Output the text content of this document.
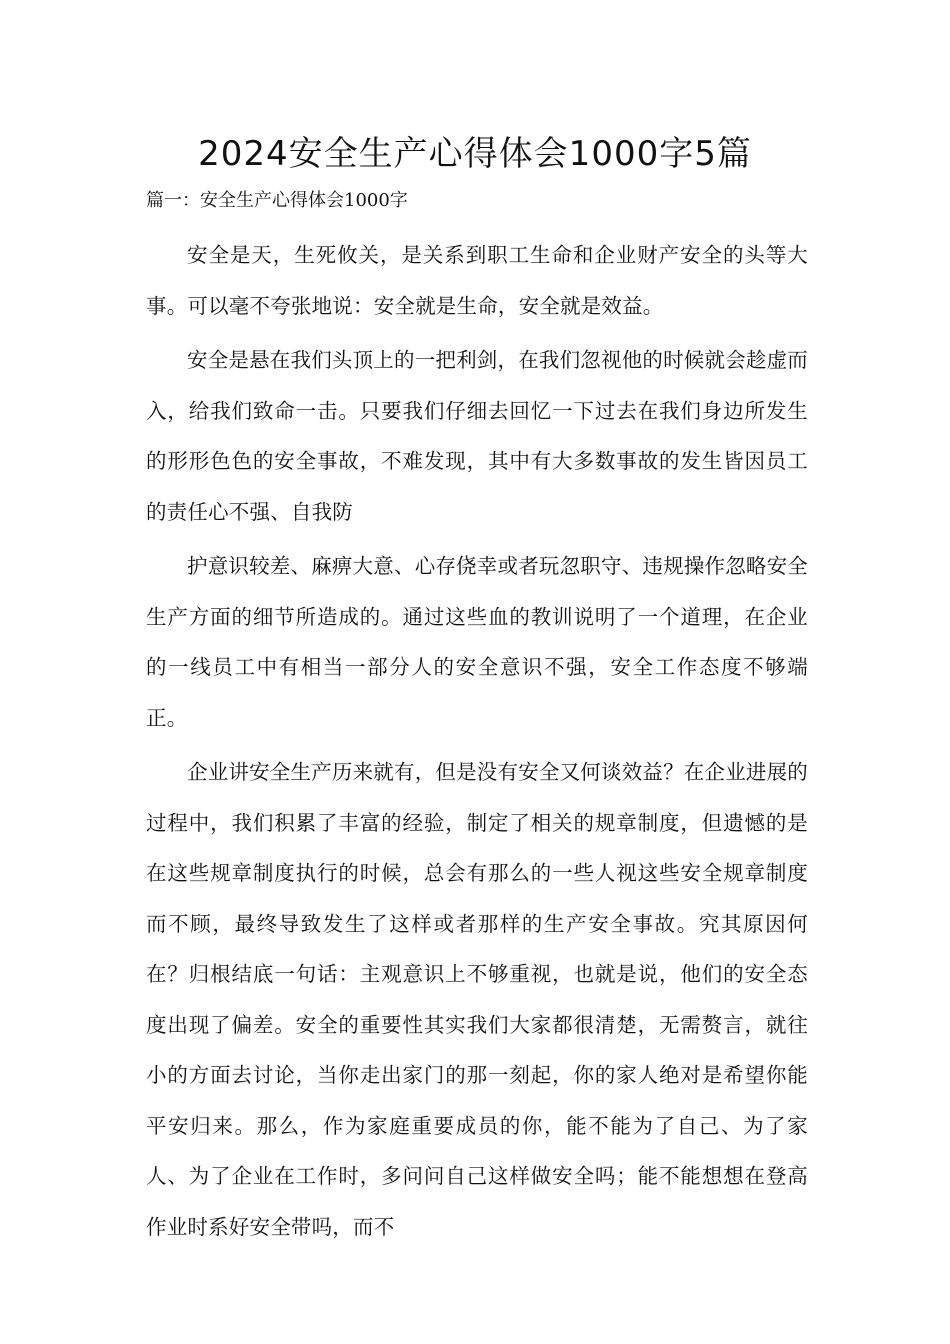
2024安全生产心得体会1000字5篇

篇一：安全生产心得体会1000字

安全是天，生死攸关，是关系到职工生命和企业财产安全的头等大事。可以毫不夸张地说：安全就是生命，安全就是效益。

安全是悬在我们头顶上的一把利剑，在我们忽视他的时候就会趁虚而入，给我们致命一击。只要我们仔细去回忆一下过去在我们身边所发生的形形色色的安全事故，不难发现，其中有大多数事故的发生皆因员工的责任心不强、自我防

护意识较差、麻痹大意、心存侥幸或者玩忽职守、违规操作忽略安全生产方面的细节所造成的。通过这些血的教训说明了一个道理，在企业的一线员工中有相当一部分人的安全意识不强，安全工作态度不够端正。

企业讲安全生产历来就有，但是没有安全又何谈效益？在企业进展的过程中，我们积累了丰富的经验，制定了相关的规章制度，但遗憾的是在这些规章制度执行的时候，总会有那么的一些人视这些安全规章制度而不顾，最终导致发生了这样或者那样的生产安全事故。究其原因何在？归根结底一句话：主观意识上不够重视，也就是说，他们的安全态度出现了偏差。安全的重要性其实我们大家都很清楚，无需赘言，就往小的方面去讨论，当你走出家门的那一刻起，你的家人绝对是希望你能平安归来。那么，作为家庭重要成员的你，能不能为了自己、为了家人、为了企业在工作时，多问问自己这样做安全吗；能不能想想在登高作业时系好安全带吗，而不
